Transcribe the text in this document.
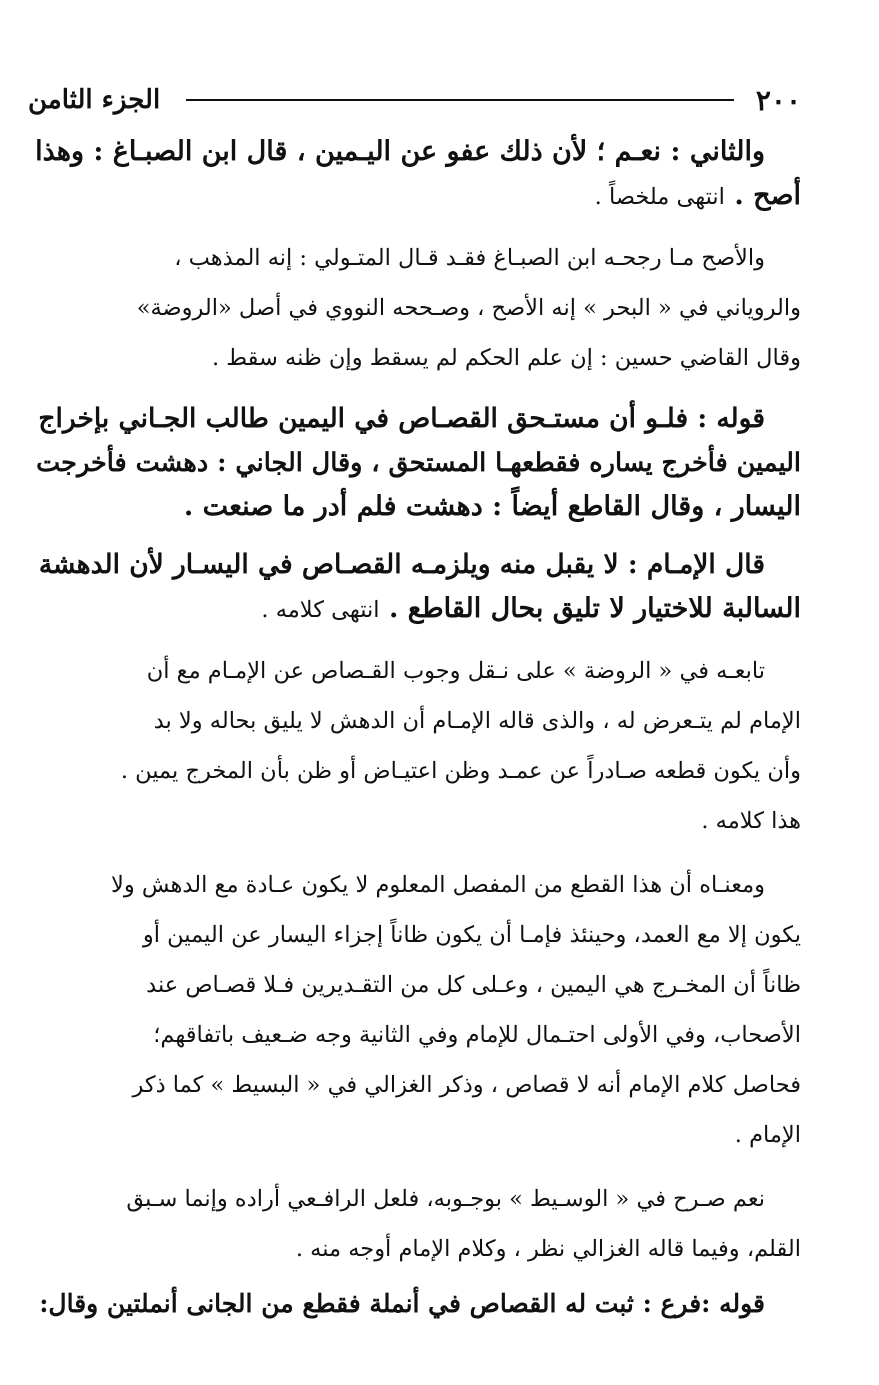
٢٠٠
الجزء الثامن
والثاني : نعـم ؛ لأن ذلك عفو عن اليـمين ، قال ابن الصبـاغ : وهذا
أصح . انتهى ملخصاً .
والأصح مـا رجحـه ابن الصبـاغ فقـد قـال المتـولي : إنه المذهب ،
والروياني في « البحر » إنه الأصح ، وصـححه النووي في أصل «الروضة»
وقال القاضي حسين : إن علم الحكم لم يسقط وإن ظنه سقط .
قوله : فلـو أن مستـحق القصـاص في اليمين طالب الجـاني بإخراج
اليمين فأخرج يساره فقطعهـا المستحق ، وقال الجاني : دهشت فأخرجت
اليسار ، وقال القاطع أيضاً : دهشت فلم أدر ما صنعت .
قال الإمـام : لا يقبل منه ويلزمـه القصـاص في اليسـار لأن الدهشة
السالبة للاختيار لا تليق بحال القاطع . انتهى كلامه .
تابعـه في « الروضة » على نـقل وجوب القـصاص عن الإمـام مع أن
الإمام لم يتـعرض له ، والذى قاله الإمـام أن الدهش لا يليق بحاله ولا بد
وأن يكون قطعه صـادراً عن عمـد وظن اعتيـاض أو ظن بأن المخرج يمين .
هذا كلامه .
ومعنـاه أن هذا القطع من المفصل المعلوم لا يكون عـادة مع الدهش ولا
يكون إلا مع العمد، وحينئذ فإمـا أن يكون ظاناً إجزاء اليسار عن اليمين أو
ظاناً أن المخـرج هي اليمين ، وعـلى كل من التقـديرين فـلا قصـاص عند
الأصحاب، وفي الأولى احتـمال للإمام وفي الثانية وجه ضـعيف باتفاقهم؛
فحاصل كلام الإمام أنه لا قصاص ، وذكر الغزالي في « البسيط » كما ذكر
الإمام .
نعم صـرح في « الوسـيط » بوجـوبه، فلعل الرافـعي أراده وإنما سـبق
القلم، وفيما قاله الغزالي نظر ، وكلام الإمام أوجه منه .
قوله :فرع : ثبت له القصاص في أنملة فقطع من الجانى أنملتين وقال:
